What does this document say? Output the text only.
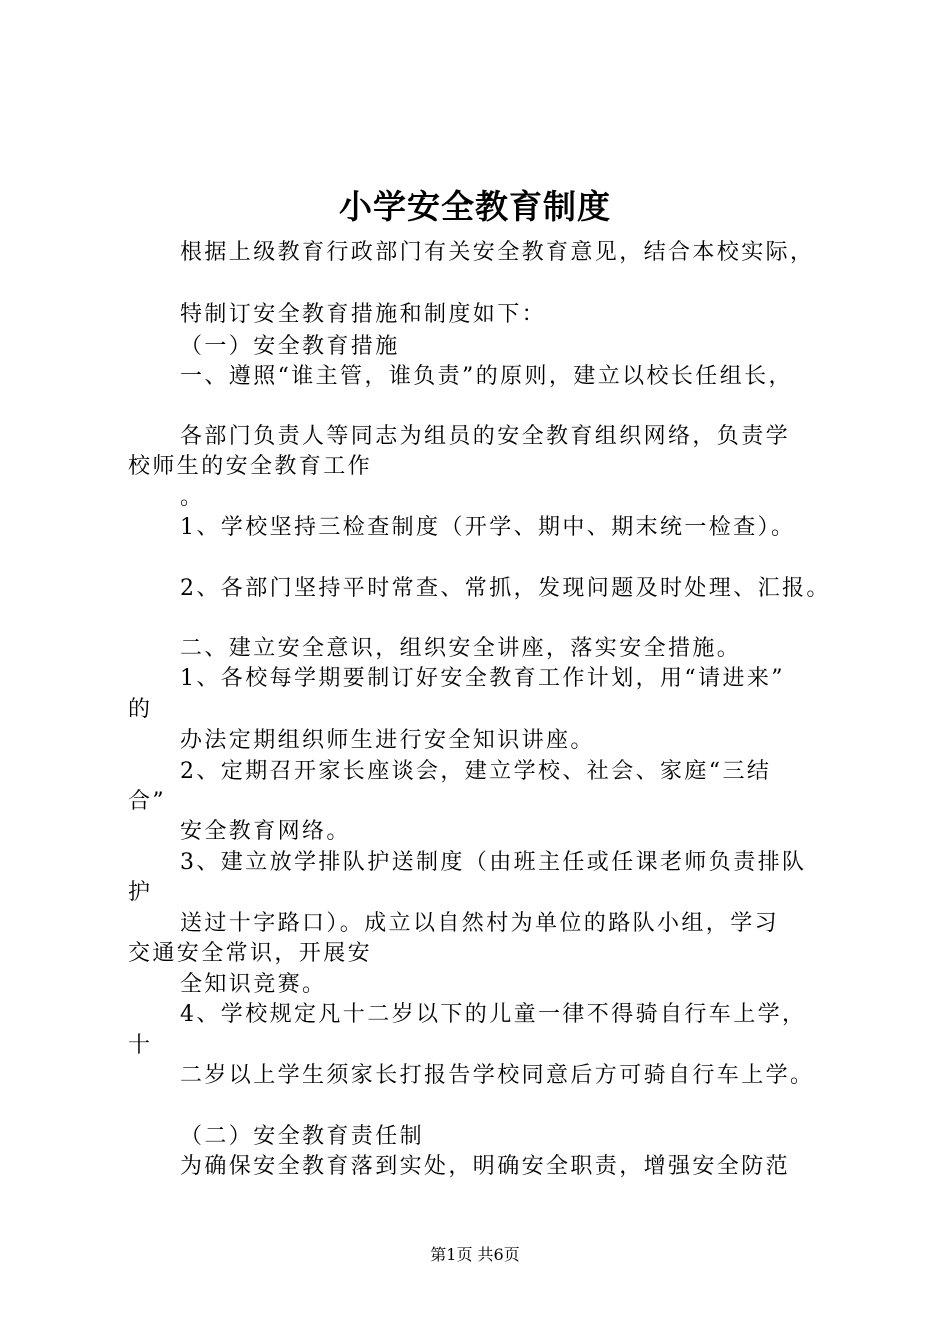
小学安全教育制度
根据上级教育行政部门有关安全教育意见，结合本校实际，
特制订安全教育措施和制度如下：
（一）安全教育措施
一、遵照“谁主管，谁负责”的原则，建立以校长任组长，
各部门负责人等同志为组员的安全教育组织网络，负责学
校师生的安全教育工作
。
1、学校坚持三检查制度（开学、期中、期末统一检查）。
2、各部门坚持平时常查、常抓，发现问题及时处理、汇报。
二、建立安全意识，组织安全讲座，落实安全措施。
1、各校每学期要制订好安全教育工作计划，用“请进来”
的
办法定期组织师生进行安全知识讲座。
2、定期召开家长座谈会，建立学校、社会、家庭“三结
合”
安全教育网络。
3、建立放学排队护送制度（由班主任或任课老师负责排队
护
送过十字路口）。成立以自然村为单位的路队小组，学习
交通安全常识，开展安
全知识竞赛。
4、学校规定凡十二岁以下的儿童一律不得骑自行车上学，
十
二岁以上学生须家长打报告学校同意后方可骑自行车上学。
（二）安全教育责任制
为确保安全教育落到实处，明确安全职责，增强安全防范
第1页 共6页
